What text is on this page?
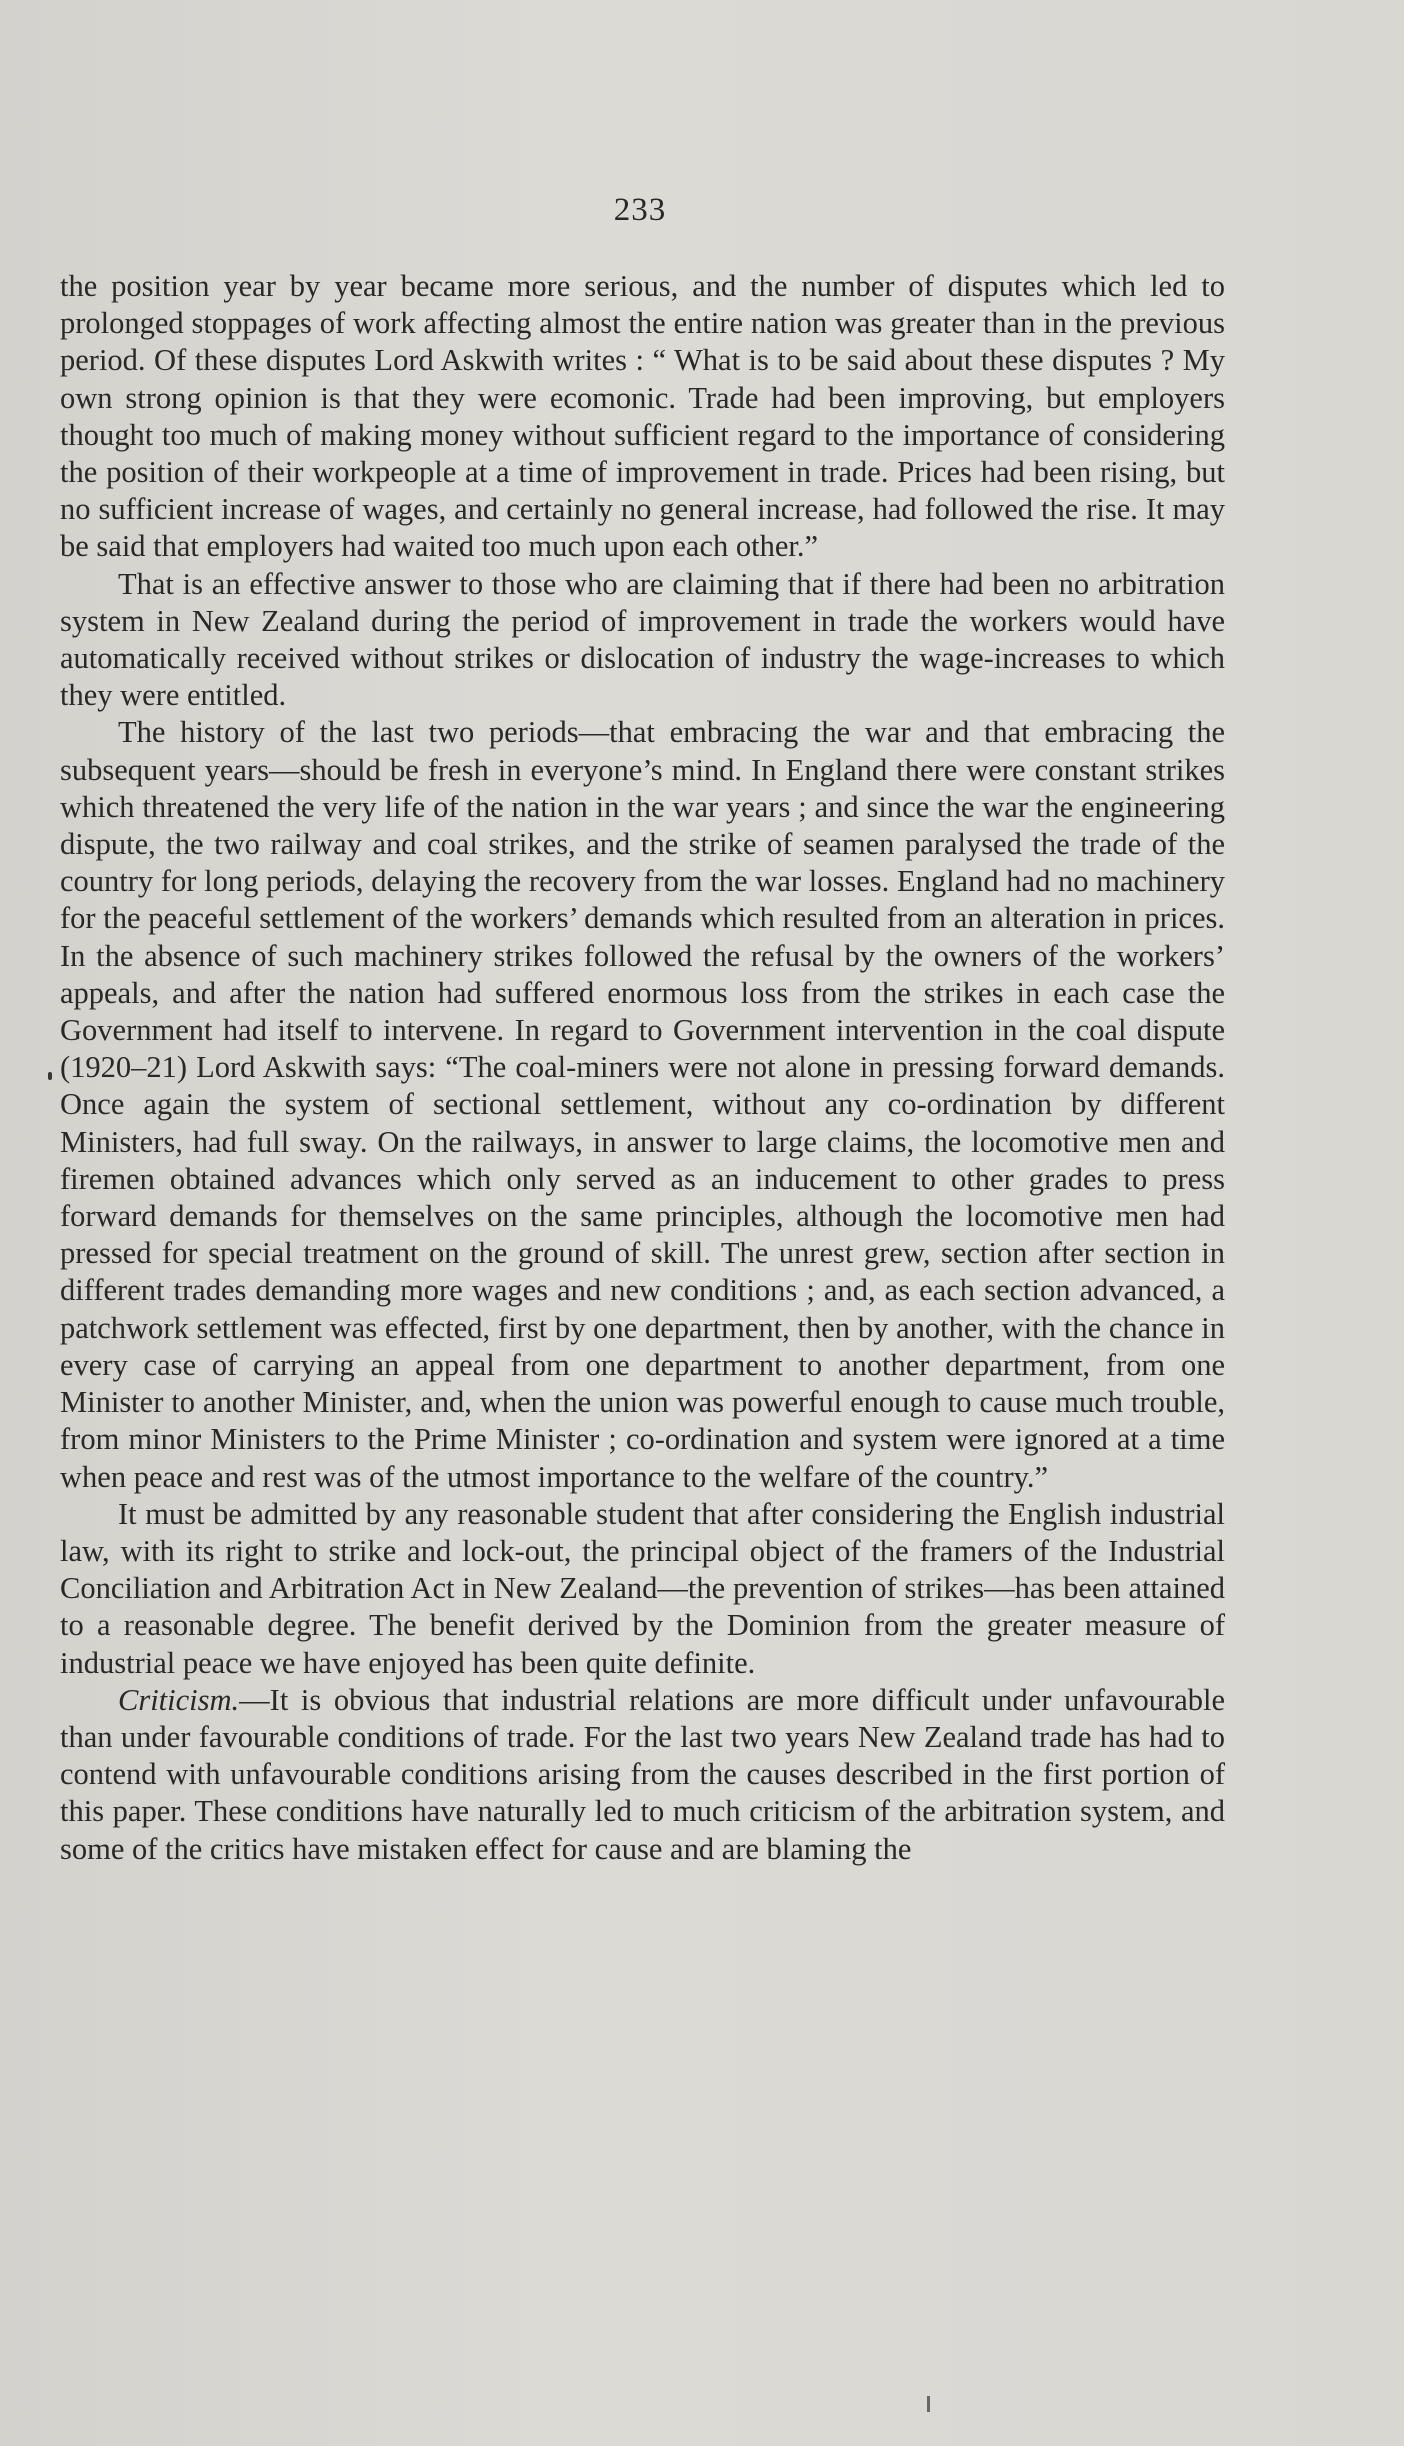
233

the position year by year became more serious, and the number of disputes which led to prolonged stoppages of work affecting almost the entire nation was greater than in the previous period. Of these disputes Lord Askwith writes : “ What is to be said about these disputes ? My own strong opinion is that they were ecomonic. Trade had been improving, but employers thought too much of making money without sufficient regard to the importance of considering the position of their workpeople at a time of improvement in trade. Prices had been rising, but no sufficient increase of wages, and certainly no general increase, had followed the rise. It may be said that employers had waited too much upon each other.”

That is an effective answer to those who are claiming that if there had been no arbitration system in New Zealand during the period of improvement in trade the workers would have automatically received without strikes or dislocation of industry the wage-increases to which they were entitled.

The history of the last two periods—that embracing the war and that embracing the subsequent years—should be fresh in everyone’s mind. In England there were constant strikes which threatened the very life of the nation in the war years ; and since the war the engineering dispute, the two railway and coal strikes, and the strike of seamen paralysed the trade of the country for long periods, delaying the recovery from the war losses. England had no machinery for the peaceful settlement of the workers’ demands which resulted from an alteration in prices. In the absence of such machinery strikes followed the refusal by the owners of the workers’ appeals, and after the nation had suffered enormous loss from the strikes in each case the Government had itself to intervene. In regard to Government intervention in the coal dispute (1920–21) Lord Askwith says: “The coal-miners were not alone in pressing forward demands. Once again the system of sectional settlement, without any co-ordination by different Ministers, had full sway. On the railways, in answer to large claims, the locomotive men and firemen obtained advances which only served as an inducement to other grades to press forward demands for themselves on the same principles, although the locomotive men had pressed for special treatment on the ground of skill. The unrest grew, section after section in different trades demanding more wages and new conditions ; and, as each section advanced, a patchwork settlement was effected, first by one department, then by another, with the chance in every case of carrying an appeal from one department to another department, from one Minister to another Minister, and, when the union was powerful enough to cause much trouble, from minor Ministers to the Prime Minister ; co-ordination and system were ignored at a time when peace and rest was of the utmost importance to the welfare of the country.”

It must be admitted by any reasonable student that after considering the English industrial law, with its right to strike and lock-out, the principal object of the framers of the Industrial Conciliation and Arbitration Act in New Zealand—the prevention of strikes—has been attained to a reasonable degree. The benefit derived by the Dominion from the greater measure of industrial peace we have enjoyed has been quite definite.

Criticism.—It is obvious that industrial relations are more difficult under unfavourable than under favourable conditions of trade. For the last two years New Zealand trade has had to contend with unfavourable conditions arising from the causes described in the first portion of this paper. These conditions have naturally led to much criticism of the arbitration system, and some of the critics have mistaken effect for cause and are blaming the
